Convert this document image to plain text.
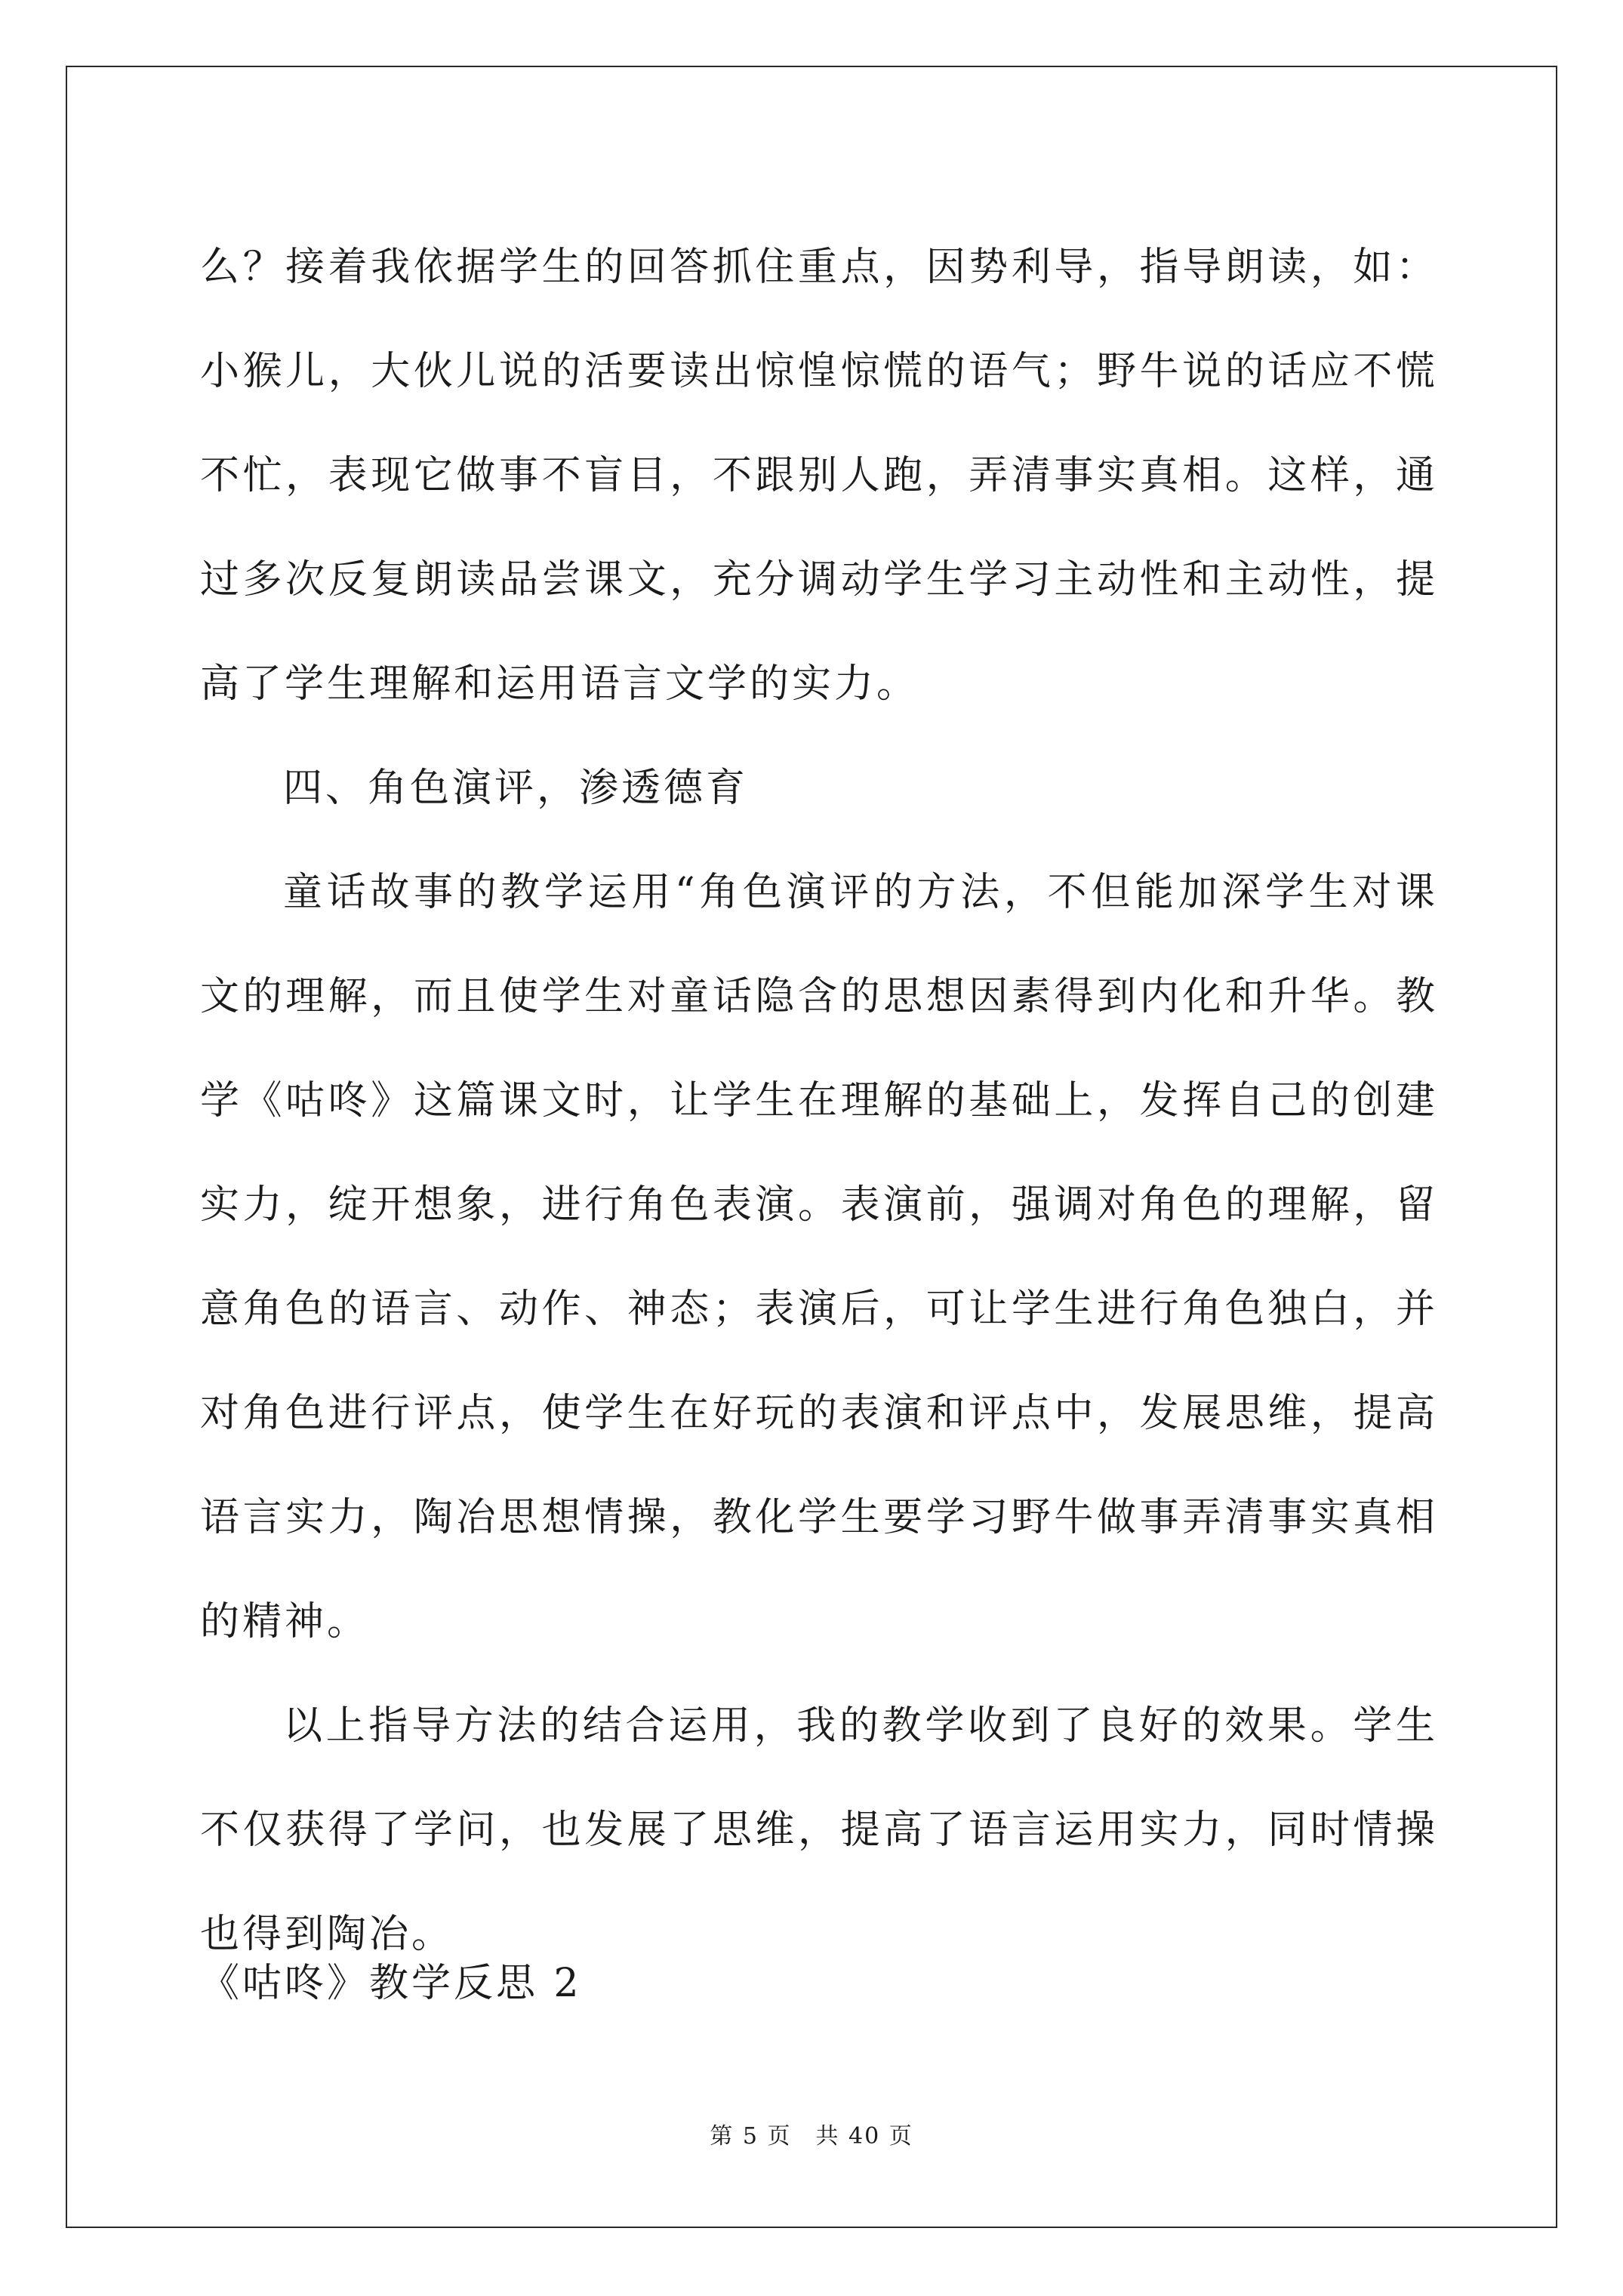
么？接着我依据学生的回答抓住重点，因势利导，指导朗读，如：小猴儿，大伙儿说的活要读出惊惶惊慌的语气；野牛说的话应不慌不忙，表现它做事不盲目，不跟别人跑，弄清事实真相。这样，通过多次反复朗读品尝课文，充分调动学生学习主动性和主动性，提高了学生理解和运用语言文学的实力。

四、角色演评，渗透德育

童话故事的教学运用“角色演评的方法，不但能加深学生对课文的理解，而且使学生对童话隐含的思想因素得到内化和升华。教学《咕咚》这篇课文时，让学生在理解的基础上，发挥自己的创建实力，绽开想象，进行角色表演。表演前，强调对角色的理解，留意角色的语言、动作、神态；表演后，可让学生进行角色独白，并对角色进行评点，使学生在好玩的表演和评点中，发展思维，提高语言实力，陶冶思想情操，教化学生要学习野牛做事弄清事实真相的精神。

以上指导方法的结合运用，我的教学收到了良好的效果。学生不仅获得了学问，也发展了思维，提高了语言运用实力，同时情操也得到陶冶。

《咕咚》教学反思 2

第 5 页　共 40 页
